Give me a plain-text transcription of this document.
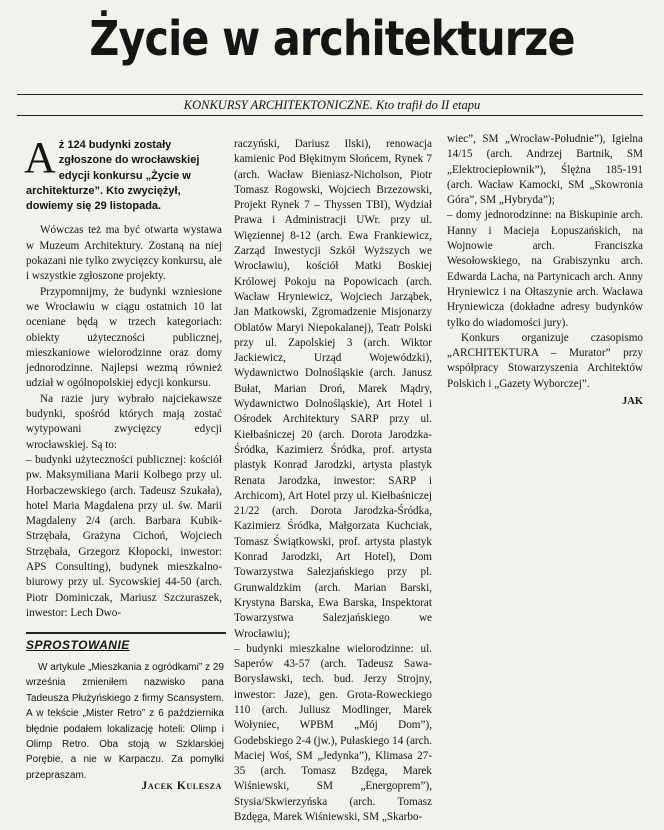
Życie w architekturze
KONKURSY ARCHITEKTONICZNE. Kto trafił do II etapu

Aż 124 budynki zostały zgłoszone do wrocławskiej edycji konkursu „Życie w architekturze”. Kto zwyciężył, dowiemy się 29 listopada.

Wówczas też ma być otwarta wystawa w Muzeum Architektury. Zostaną na niej pokazani nie tylko zwycięzcy konkursu, ale i wszystkie zgłoszone projekty.

Przypomnijmy, że budynki wzniesione we Wrocławiu w ciągu ostatnich 10 lat oceniane będą w trzech kategoriach: obiekty użyteczności publicznej, mieszkaniowe wielorodzinne oraz domy jednorodzinne. Najlepsi wezmą również udział w ogólnopolskiej edycji konkursu.

Na razie jury wybrało najciekawsze budynki, spośród których mają zostać wytypowani zwycięzcy edycji wrocławskiej. Są to:

– budynki użyteczności publicznej: kościół pw. Maksymiliana Marii Kolbego przy ul. Horbaczewskiego (arch. Tadeusz Szukała), hotel Maria Magdalena przy ul. św. Marii Magdaleny 2/4 (arch. Barbara Kubik-Strzębała, Grażyna Cichoń, Wojciech Strzębała, Grzegorz Kłopocki, inwestor: APS Consulting), budynek mieszkalno-biurowy przy ul. Sycowskiej 44-50 (arch. Piotr Dominiczak, Mariusz Szczuraszek, inwestor: Lech Dwo-

raczyński, Dariusz Ilski), renowacja kamienic Pod Błękitnym Słońcem, Rynek 7 (arch. Wacław Bieniasz-Nicholson, Piotr Tomasz Rogowski, Wojciech Brzezowski, Projekt Rynek 7 – Thyssen TBI), Wydział Prawa i Administracji UWr. przy ul. Więziennej 8-12 (arch. Ewa Frankiewicz, Zarząd Inwestycji Szkół Wyższych we Wrocławiu), kościół Matki Boskiej Królowej Pokoju na Popowicach (arch. Wacław Hryniewicz, Wojciech Jarząbek, Jan Matkowski, Zgromadzenie Misjonarzy Oblatów Maryi Niepokalanej), Teatr Polski przy ul. Zapolskiej 3 (arch. Wiktor Jackiewicz, Urząd Wojewódzki), Wydawnictwo Dolnośląskie (arch. Janusz Bułat, Marian Droń, Marek Mądry, Wydawnictwo Dolnośląskie), Art Hotel i Ośrodek Architektury SARP przy ul. Kiełbaśniczej 20 (arch. Dorota Jarodzka-Śródka, Kazimierz Śródka, prof. artysta plastyk Konrad Jarodzki, artysta plastyk Renata Jarodzka, inwestor: SARP i Archicom), Art Hotel przy ul. Kiełbaśniczej 21/22 (arch. Dorota Jarodzka-Śródka, Kazimierz Śródka, Małgorzata Kuchciak, Tomasz Świątkowski, prof. artysta plastyk Konrad Jarodzki, Art Hotel), Dom Towarzystwa Salezjańskiego przy pl. Grunwaldzkim (arch. Marian Barski, Krystyna Barska, Ewa Barska, Inspektorat Towarzystwa Salezjańskiego we Wrocławiu);

– budynki mieszkalne wielorodzinne: ul. Saperów 43-57 (arch. Tadeusz Sawa-Borysławski, tech. bud. Jerzy Strojny, inwestor: Jaze), gen. Grota-Roweckiego 110 (arch. Juliusz Modlinger, Marek Wołyniec, WPBM „Mój Dom”), Godebskiego 2-4 (jw.), Pułaskiego 14 (arch. Maciej Woś, SM „Jedynka”), Klimasa 27-35 (arch. Tomasz Bzdęga, Marek Wiśniewski, SM „Energoprem”), Stysia/Skwierzyńska (arch. Tomasz Bzdęga, Marek Wiśniewski, SM „Skarbo-

wiec”, SM „Wrocław-Południe”), Igielna 14/15 (arch. Andrzej Bartnik, SM „Elektrociepłownik”), Ślężna 185-191 (arch. Wacław Kamocki, SM „Skowronia Góra”, SM „Hybryda”);

– domy jednorodzinne: na Biskupinie arch. Hanny i Macieja Łopuszańskich, na Wojnowie arch. Franciszka Wesołowskiego, na Grabiszynku arch. Edwarda Lacha, na Partynicach arch. Anny Hryniewicz i na Ołtaszynie arch. Wacława Hryniewicza (dokładne adresy budynków tylko do wiadomości jury).

Konkurs organizuje czasopismo „ARCHITEKTURA – Murator” przy współpracy Stowarzyszenia Architektów Polskich i „Gazety Wyborczej”.

JAK
SPROSTOWANIE

W artykule „Mieszkania z ogródkami” z 29 września zmieniłem nazwisko pana Tadeusza Płużyńskiego z firmy Scansystem. A w tekście „Mister Retro” z 6 października błędnie podałem lokalizację hoteli: Olimp i Olimp Retro. Oba stoją w Szklarskiej Porębie, a nie w Karpaczu. Za pomyłki przepraszam.

Jacek Kulesza
